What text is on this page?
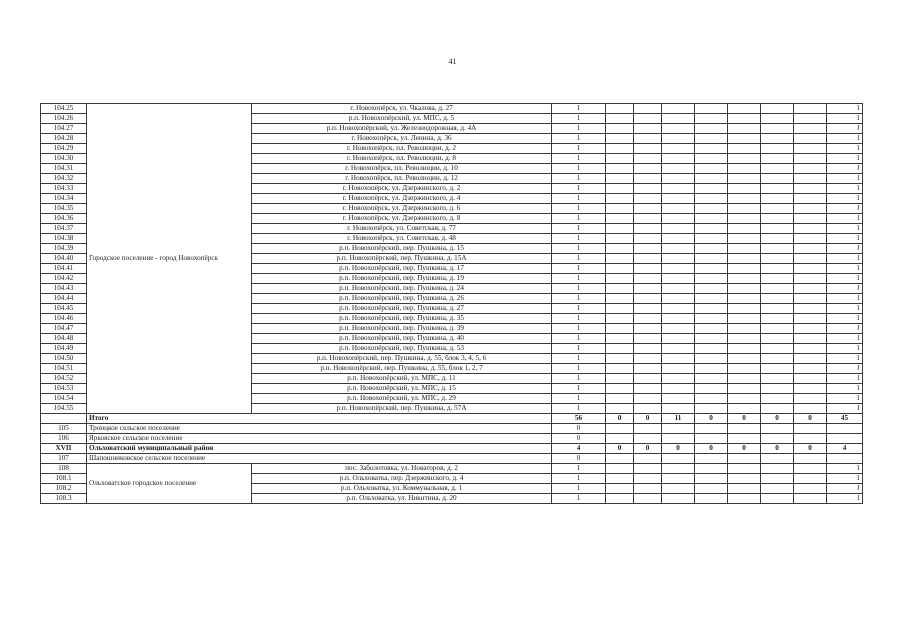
41
104.25	Городское поселение - город Новохопёрск	г. Новохопёрск, ул. Чкалова, д. 27	1								1
104.26		р.п. Новохопёрский, ул. МПС, д. 5	1								1
104.27		р.п. Новохопёрский, ул. Железнодорожная, д. 4А	1								1
104.28		г. Новохопёрск, ул. Ленина, д. 36	1								1
104.29		г. Новохопёрск, пл. Революции, д. 2	1								1
104.30		г. Новохопёрск, пл. Революции, д. 8	1								1
104.31		г. Новохопёрск, пл. Революции, д. 10	1								1
104.32		г. Новохопёрск, пл. Революции, д. 12	1								1
104.33		г. Новохопёрск, ул. Дзержинского, д. 2	1								1
104.34		г. Новохопёрск, ул. Дзержинского, д. 4	1								1
104.35		г. Новохопёрск, ул. Дзержинского, д. 6	1								1
104.36		г. Новохопёрск, ул. Дзержинского, д. 8	1								1
104.37		г. Новохопёрск, ул. Советская, д. 77	1								1
104.38		г. Новохопёрск, ул. Советская, д. 48	1								1
104.39		р.п. Новохопёрский, пер. Пушкина, д. 15	1								1
104.40		р.п. Новохопёрский, пер. Пушкина, д. 15А	1								1
104.41		р.п. Новохопёрский, пер. Пушкина, д. 17	1								1
104.42		р.п. Новохопёрский, пер. Пушкина, д. 19	1								1
104.43		р.п. Новохопёрский, пер. Пушкина, д. 24	1								1
104.44		р.п. Новохопёрский, пер. Пушкина, д. 26	1								1
104.45		р.п. Новохопёрский, пер. Пушкина, д. 27	1								1
104.46		р.п. Новохопёрский, пер. Пушкина, д. 35	1								1
104.47		р.п. Новохопёрский, пер. Пушкина, д. 39	1								1
104.48		р.п. Новохопёрский, пер. Пушкина, д. 40	1								1
104.49		р.п. Новохопёрский, пер. Пушкина, д. 53	1								1
104.50		р.п. Новохопёрский, пер. Пушкина, д. 55, блок 3, 4, 5, 6	1								1
104.51		р.п. Новохопёрский, пер. Пушкина, д. 55, блок 1, 2, 7	1								1
104.52		р.п. Новохопёрский, ул. МПС, д. 11	1								1
104.53		р.п. Новохопёрский, ул. МПС, д. 15	1								1
104.54		р.п. Новохопёрский, ул. МПС, д. 29	1								1
104.55		р.п. Новохопёрский, пер. Пушкина, д. 57А	1								1
	Итого		56	0	0	11	0	0	0	0	45
105	Троицкое сельское поселение		0								
106	Ярковское сельское поселение		0								
XVII	Ольховатский муниципальный район		4	0	0	0	0	0	0	0	4
107	Шапошниковское сельское поселение		0								
108	Ольховатское городское поселение	пос. Заболотовка, ул. Новаторов, д. 2	1								1
108.1		р.п. Ольховатка, пер. Дзержинского, д. 4	1								1
108.2		р.п. Ольховатка, ул. Коммунальная, д. 1	1								1
108.3		р.п. Ольховатка, ул. Никитина, д. 20	1								1
